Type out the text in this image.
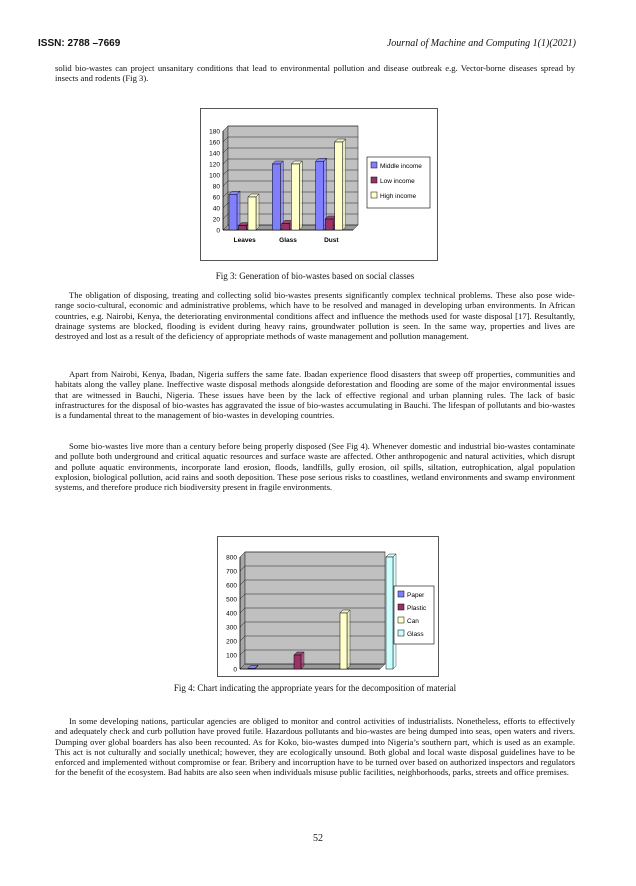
ISSN: 2788 –7669	Journal of Machine and Computing 1(1)(2021)

solid bio-wastes can project unsanitary conditions that lead to environmental pollution and disease outbreak e.g. Vector-borne diseases spread by insects and rodents (Fig 3).

0
20
40
60
80
100
120
140
160
180
Leaves	Glass	Dust
Middle income
Low income
High income
Fig 3: Generation of bio-wastes based on social classes

The obligation of disposing, treating and collecting solid bio-wastes presents significantly complex technical problems. These also pose wide-range socio-cultural, economic and administrative problems, which have to be resolved and managed in developing urban environments. In African countries, e.g. Nairobi, Kenya, the deteriorating environmental conditions affect and influence the methods used for waste disposal [17]. Resultantly, drainage systems are blocked, flooding is evident during heavy rains, groundwater pollution is seen. In the same way, properties and lives are destroyed and lost as a result of the deficiency of appropriate methods of waste management and pollution management.

Apart from Nairobi, Kenya, Ibadan, Nigeria suffers the same fate. Ibadan experience flood disasters that sweep off properties, communities and habitats along the valley plane. Ineffective waste disposal methods alongside deforestation and flooding are some of the major environmental issues that are witnessed in Bauchi, Nigeria. These issues have been by the lack of effective regional and urban planning rules. The lack of basic infrastructures for the disposal of bio-wastes has aggravated the issue of bio-wastes accumulating in Bauchi. The lifespan of pollutants and bio-wastes is a fundamental threat to the management of bio-wastes in developing countries.

Some bio-wastes live more than a century before being properly disposed (See Fig 4). Whenever domestic and industrial bio-wastes contaminate and pollute both underground and critical aquatic resources and surface waste are affected. Other anthropogenic and natural activities, which disrupt and pollute aquatic environments, incorporate land erosion, floods, landfills, gully erosion, oil spills, siltation, eutrophication, algal population explosion, biological pollution, acid rains and sooth deposition. These pose serious risks to coastlines, wetland environments and swamp environment systems, and therefore produce rich biodiversity present in fragile environments.

0
100
200
300
400
500
600
700
800
Paper
Plastic
Can
Glass
Fig 4: Chart indicating the appropriate years for the decomposition of material

In some developing nations, particular agencies are obliged to monitor and control activities of industrialists. Nonetheless, efforts to effectively and adequately check and curb pollution have proved futile. Hazardous pollutants and bio-wastes are being dumped into seas, open waters and rivers. Dumping over global boarders has also been recounted. As for Koko, bio-wastes dumped into Nigeria’s southern part, which is used as an example. This act is not culturally and socially unethical; however, they are ecologically unsound. Both global and local waste disposal guidelines have to be enforced and implemented without compromise or fear. Bribery and incorruption have to be turned over based on authorized inspectors and regulators for the benefit of the ecosystem. Bad habits are also seen when individuals misuse public facilities, neighborhoods, parks, streets and office premises.

52
